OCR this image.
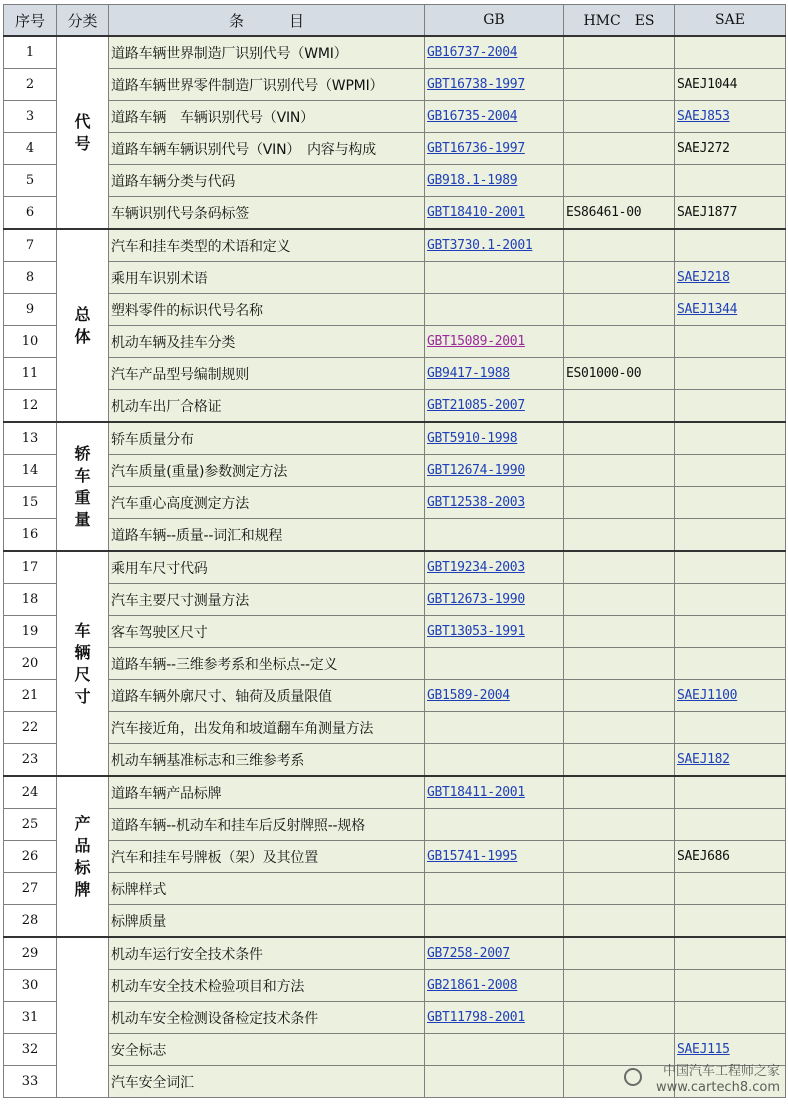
序号	分类	条　　　目	GB	HMC　ES	SAE
1	代号	道路车辆世界制造厂识别代号（WMI）	GB16737-2004		
2		道路车辆世界零件制造厂识别代号（WPMI）	GBT16738-1997		SAEJ1044
3		道路车辆　车辆识别代号（VIN）	GB16735-2004		SAEJ853
4		道路车辆车辆识别代号（VIN）　内容与构成	GBT16736-1997		SAEJ272
5		道路车辆分类与代码	GB918.1-1989		
6		车辆识别代号条码标签	GBT18410-2001	ES86461-00	SAEJ1877
7	总体	汽车和挂车类型的术语和定义	GBT3730.1-2001		
8		乘用车识别术语			SAEJ218
9		塑料零件的标识代号名称			SAEJ1344
10		机动车辆及挂车分类	GBT15089-2001		
11		汽车产品型号编制规则	GB9417-1988	ES01000-00	
12		机动车出厂合格证	GBT21085-2007		
13	轿车重量	轿车质量分布	GBT5910-1998		
14		汽车质量(重量)参数测定方法	GBT12674-1990		
15		汽车重心高度测定方法	GBT12538-2003		
16		道路车辆--质量--词汇和规程			
17	车辆尺寸	乘用车尺寸代码	GBT19234-2003		
18		汽车主要尺寸测量方法	GBT12673-1990		
19		客车驾驶区尺寸	GBT13053-1991		
20		道路车辆--三维参考系和坐标点--定义			
21		道路车辆外廓尺寸、轴荷及质量限值	GB1589-2004		SAEJ1100
22		汽车接近角，出发角和坡道翻车角测量方法			
23		机动车辆基准标志和三维参考系			SAEJ182
24	产品标牌	道路车辆产品标牌	GBT18411-2001		
25		道路车辆--机动车和挂车后反射牌照--规格			
26		汽车和挂车号牌板（架）及其位置	GB15741-1995		SAEJ686
27		标牌样式			
28		标牌质量			
29		机动车运行安全技术条件	GB7258-2007		
30		机动车安全技术检验项目和方法	GB21861-2008		
31		机动车安全检测设备检定技术条件	GBT11798-2001		
32		安全标志			SAEJ115
33		汽车安全词汇			
中国汽车工程师之家
www.cartech8.com
